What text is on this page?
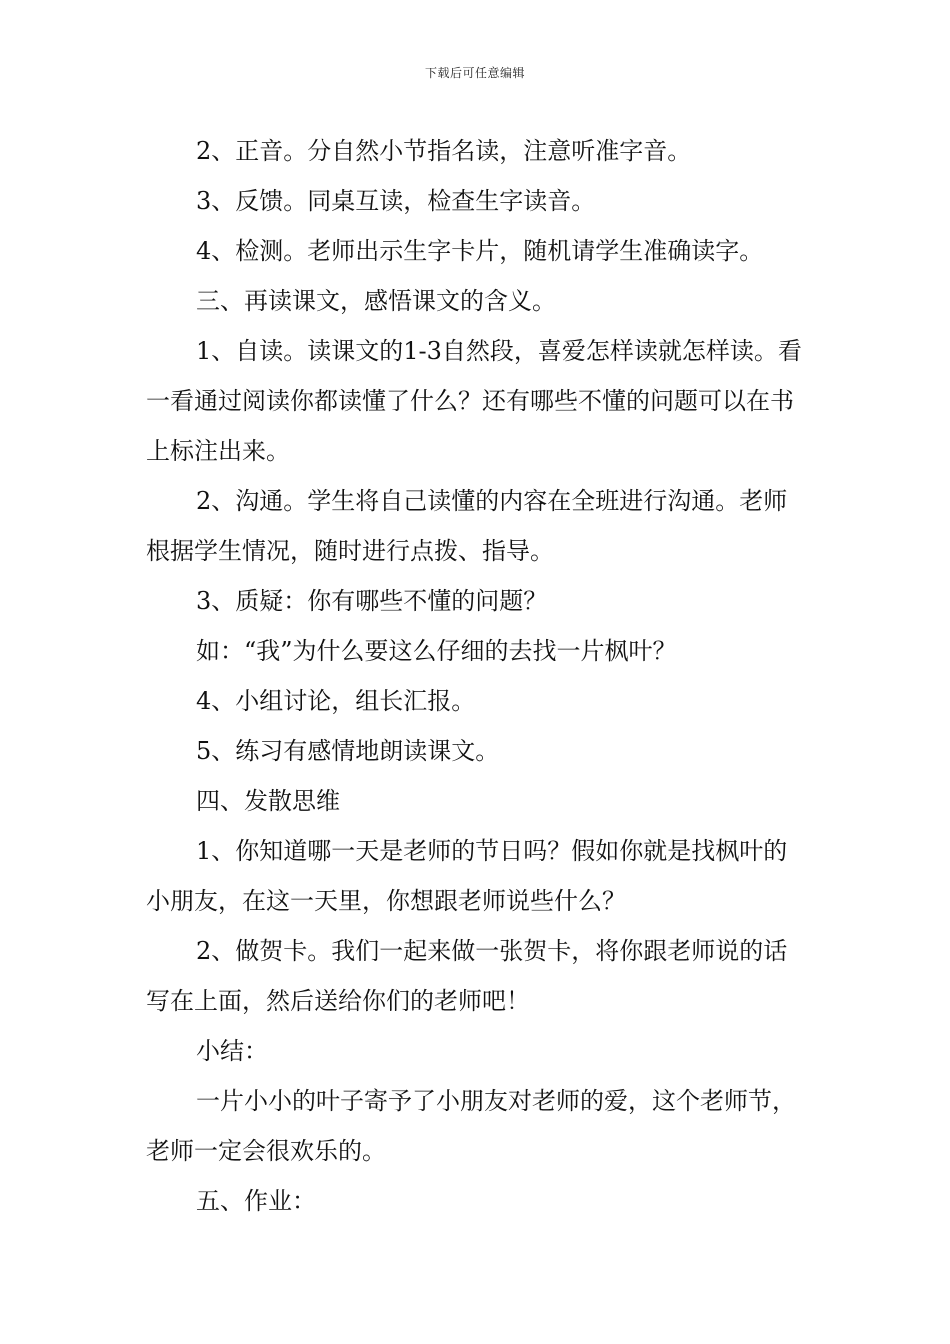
下载后可任意编辑

2、正音。分自然小节指名读，注意听准字音。

3、反馈。同桌互读，检查生字读音。

4、检测。老师出示生字卡片，随机请学生准确读字。

三、再读课文，感悟课文的含义。

1、自读。读课文的1-3自然段，喜爱怎样读就怎样读。看一看通过阅读你都读懂了什么？还有哪些不懂的问题可以在书上标注出来。

2、沟通。学生将自己读懂的内容在全班进行沟通。老师根据学生情况，随时进行点拨、指导。

3、质疑：你有哪些不懂的问题？

如：“我”为什么要这么仔细的去找一片枫叶？

4、小组讨论，组长汇报。

5、练习有感情地朗读课文。

四、发散思维

1、你知道哪一天是老师的节日吗？假如你就是找枫叶的小朋友，在这一天里，你想跟老师说些什么？

2、做贺卡。我们一起来做一张贺卡，将你跟老师说的话写在上面，然后送给你们的老师吧！

小结：

一片小小的叶子寄予了小朋友对老师的爱，这个老师节，老师一定会很欢乐的。

五、作业：
